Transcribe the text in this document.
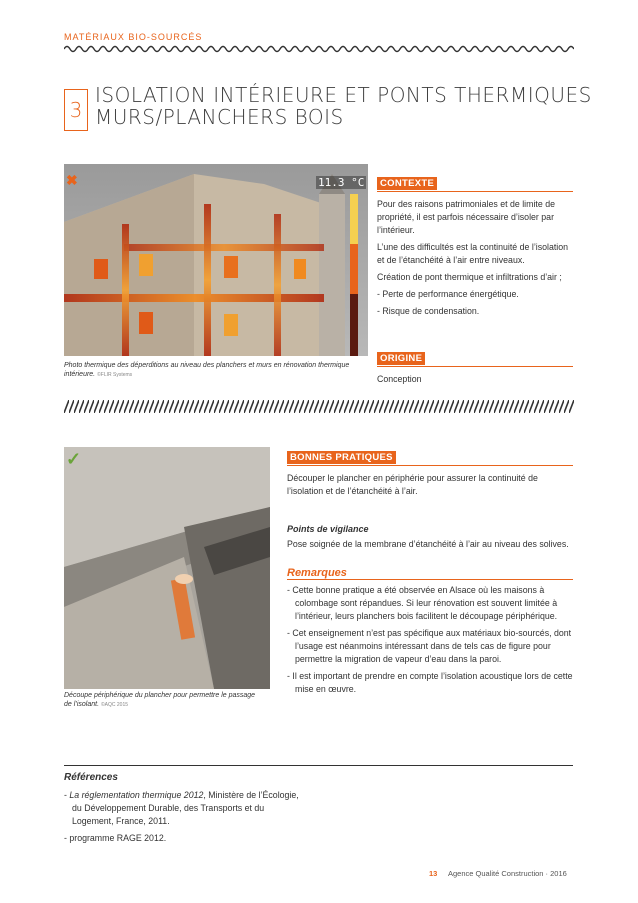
MATÉRIAUX BIO-SOURCÉS
3
ISOLATION INTÉRIEURE ET PONTS THERMIQUES
MURS/PLANCHERS BOIS
✖	11.3 °C
Photo thermique des déperditions au niveau des planchers et murs en rénovation thermique intérieure. ©FLIR Systems
CONTEXTE

Pour des raisons patrimoniales et de limite de propriété, il est parfois nécessaire d’isoler par l’intérieur.

L’une des difficultés est la continuité de l’isolation et de l’étanchéité à l’air entre niveaux.

Création de pont thermique et infiltrations d’air ;

- Perte de performance énergétique.

- Risque de condensation.

ORIGINE
Conception
✓
Découpe périphérique du plancher pour permettre le passage de l’isolant. ©AQC 2015
BONNES PRATIQUES
Découper le plancher en périphérie pour assurer la continuité de l’isolation et de l’étanchéité à l’air.
Points de vigilance
Pose soignée de la membrane d’étanchéité à l’air au niveau des solives.
Remarques

- Cette bonne pratique a été observée en Alsace où les maisons à colombage sont répandues. Si leur rénovation est souvent limitée à l’intérieur, leurs planchers bois facilitent le découpage périphérique.

- Cet enseignement n’est pas spécifique aux matériaux bio-sourcés, dont l’usage est néanmoins intéressant dans de tels cas de figure pour permettre la migration de vapeur d’eau dans la paroi.

- Il est important de prendre en compte l’isolation acoustique lors de cette mise en œuvre.

Références

- La réglementation thermique 2012, Ministère de l’Écologie, du Développement Durable, des Transports et du Logement, France, 2011.

- programme RAGE 2012.

13 Agence Qualité Construction · 2016
